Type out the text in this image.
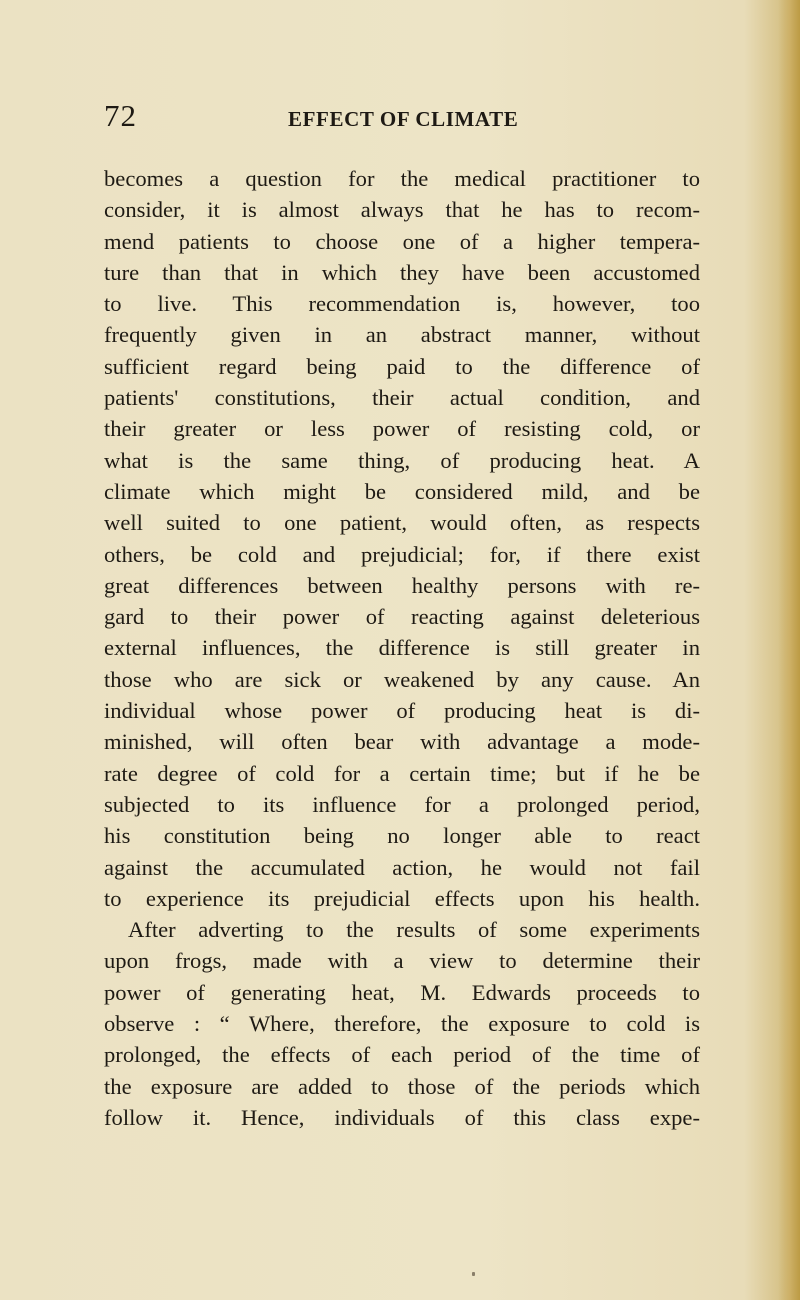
72	EFFECT OF CLIMATE
becomes a question for the medical practitioner to
consider, it is almost always that he has to recom-
mend patients to choose one of a higher tempera-
ture than that in which they have been accustomed
to live. This recommendation is, however, too
frequently given in an abstract manner, without
sufficient regard being paid to the difference of
patients' constitutions, their actual condition, and
their greater or less power of resisting cold, or
what is the same thing, of producing heat. A
climate which might be considered mild, and be
well suited to one patient, would often, as respects
others, be cold and prejudicial; for, if there exist
great differences between healthy persons with re-
gard to their power of reacting against deleterious
external influences, the difference is still greater in
those who are sick or weakened by any cause. An
individual whose power of producing heat is di-
minished, will often bear with advantage a mode-
rate degree of cold for a certain time; but if he be
subjected to its influence for a prolonged period,
his constitution being no longer able to react
against the accumulated action, he would not fail
to experience its prejudicial effects upon his health.
After adverting to the results of some experiments
upon frogs, made with a view to determine their
power of generating heat, M. Edwards proceeds to
observe : “ Where, therefore, the exposure to cold is
prolonged, the effects of each period of the time of
the exposure are added to those of the periods which
follow it. Hence, individuals of this class expe-
